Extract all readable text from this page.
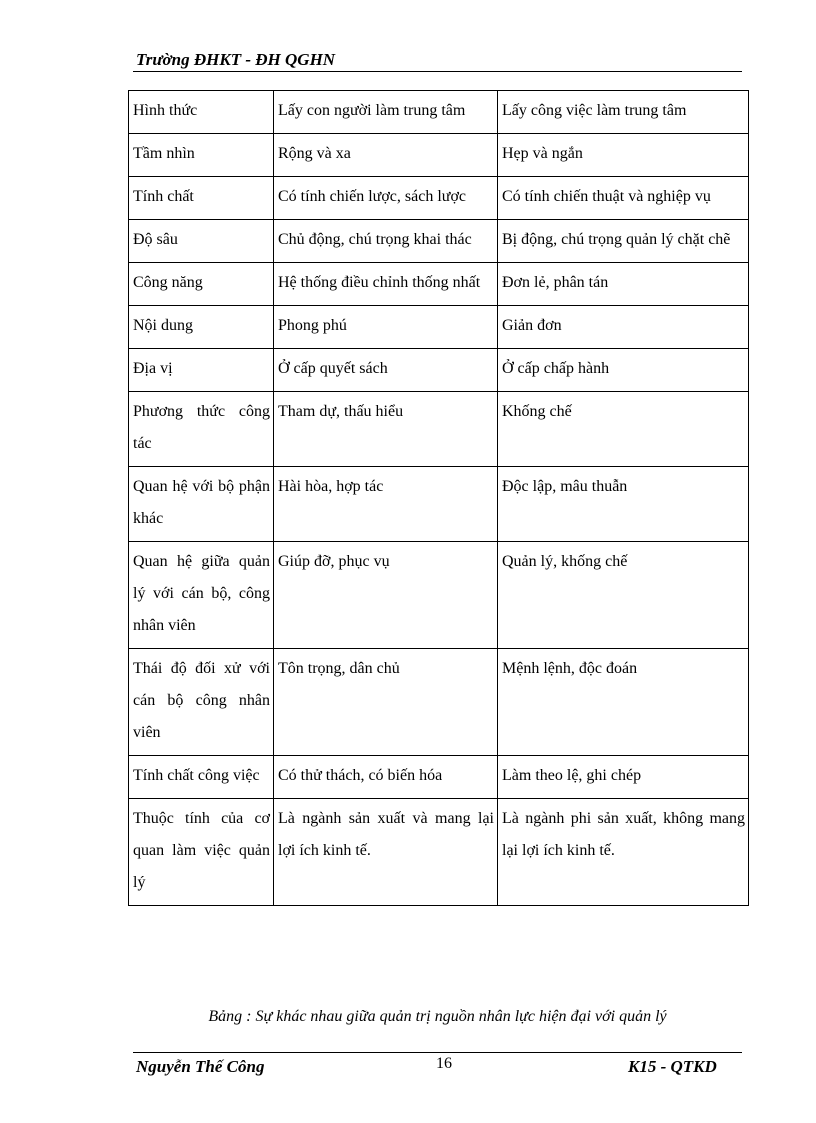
Trường ĐHKT - ĐH QGHN
Hình thức	Lấy con người làm trung tâm	Lấy công việc làm trung tâm
Tầm nhìn	Rộng và xa	Hẹp và ngắn
Tính chất	Có tính chiến lược, sách lược	Có tính chiến thuật và nghiệp vụ
Độ sâu	Chủ động, chú trọng khai thác	Bị động, chú trọng quản lý chặt chẽ
Công năng	Hệ thống điều chỉnh thống nhất	Đơn lẻ, phân tán
Nội dung	Phong phú	Giản đơn
Địa vị	Ở cấp quyết sách	Ở cấp chấp hành
Phương thức công tác	Tham dự, thấu hiểu	Khống chế
Quan hệ với bộ phận khác	Hài hòa, hợp tác	Độc lập, mâu thuẫn
Quan hệ giữa quản lý với cán bộ, công nhân viên	Giúp đỡ, phục vụ	Quản lý, khống chế
Thái độ đối xử với cán bộ công nhân viên	Tôn trọng, dân chủ	Mệnh lệnh, độc đoán
Tính chất công việc	Có thử thách, có biến hóa	Làm theo lệ, ghi chép
Thuộc tính của cơ quan làm việc quản lý	Là ngành sản xuất và mang lại lợi ích kinh tế.	Là ngành phi sản xuất, không mang lại lợi ích kinh tế.
Bảng : Sự khác nhau giữa quản trị nguồn nhân lực hiện đại với quản lý
Nguyễn Thế Công	16	K15 - QTKD
